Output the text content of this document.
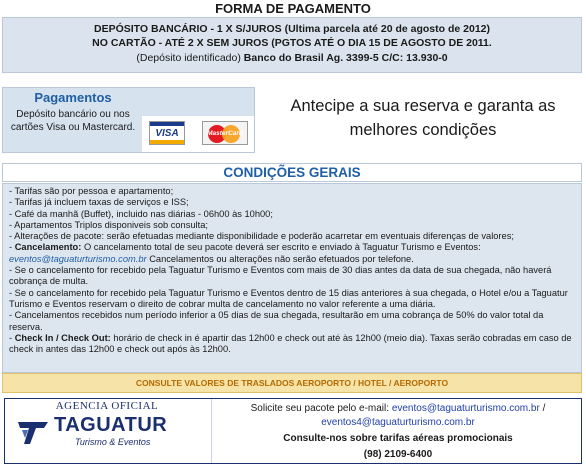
FORMA DE PAGAMENTO
DEPÓSITO BANCÁRIO - 1 X S/JUROS (Ultima parcela até 20 de agosto de 2012)
NO CARTÃO - ATÉ 2 X SEM JUROS (PGTOS ATÉ O DIA 15 DE AGOSTO DE 2011.
(Depósito identificado) Banco do Brasil Ag. 3399-5 C/C: 13.930-0
Pagamentos
Depósito bancário ou nos cartões Visa ou Mastercard.
VISA	MasterCard
Antecipe a sua reserva e garanta as melhores condições
CONDIÇÕES GERAIS
- Tarifas são por pessoa e apartamento;
- Tarifas já incluem taxas de serviços e ISS;
- Café da manhã (Buffet), incluido nas diárias - 06h00 às 10h00;
- Apartamentos Triplos disponiveis sob consulta;
- Alterações de pacote: serão efetuadas mediante disponibilidade e poderão acarretar em eventuais diferenças de valores;
- Cancelamento: O cancelamento total de seu pacote deverá ser escrito e enviado à Taguatur Turismo e Eventos: eventos@taguaturturismo.com.br Cancelamentos ou alterações não serão efetuados por telefone.
- Se o cancelamento for recebido pela Taguatur Turismo e Eventos com mais de 30 dias antes da data de sua chegada, não haverá cobrança de multa.
- Se o cancelamento for recebido pela Taguatur Turismo e Eventos dentro de 15 dias anteriores à sua chegada, o Hotel e/ou a Taguatur Turismo e Eventos reservam o direito de cobrar multa de cancelamento no valor referente a uma diária.
- Cancelamentos recebidos num período inferior a 05 dias de sua chegada, resultarão em uma cobrança de 50% do valor total da reserva.
- Check In / Check Out: horário de check in é apartir das 12h00 e check out até às 12h00 (meio dia). Taxas serão cobradas em caso de check in antes das 12h00 e check out após às 12h00.
CONSULTE VALORES DE TRASLADOS AEROPORTO / HOTEL / AEROPORTO
AGENCIA OFICIAL
TAGUATUR
Turismo & Eventos
Solicite seu pacote pelo e-mail: eventos@taguaturturismo.com.br /
eventos4@taguaturturismo.com.br
Consulte-nos sobre tarifas aéreas promocionais
(98) 2109-6400
